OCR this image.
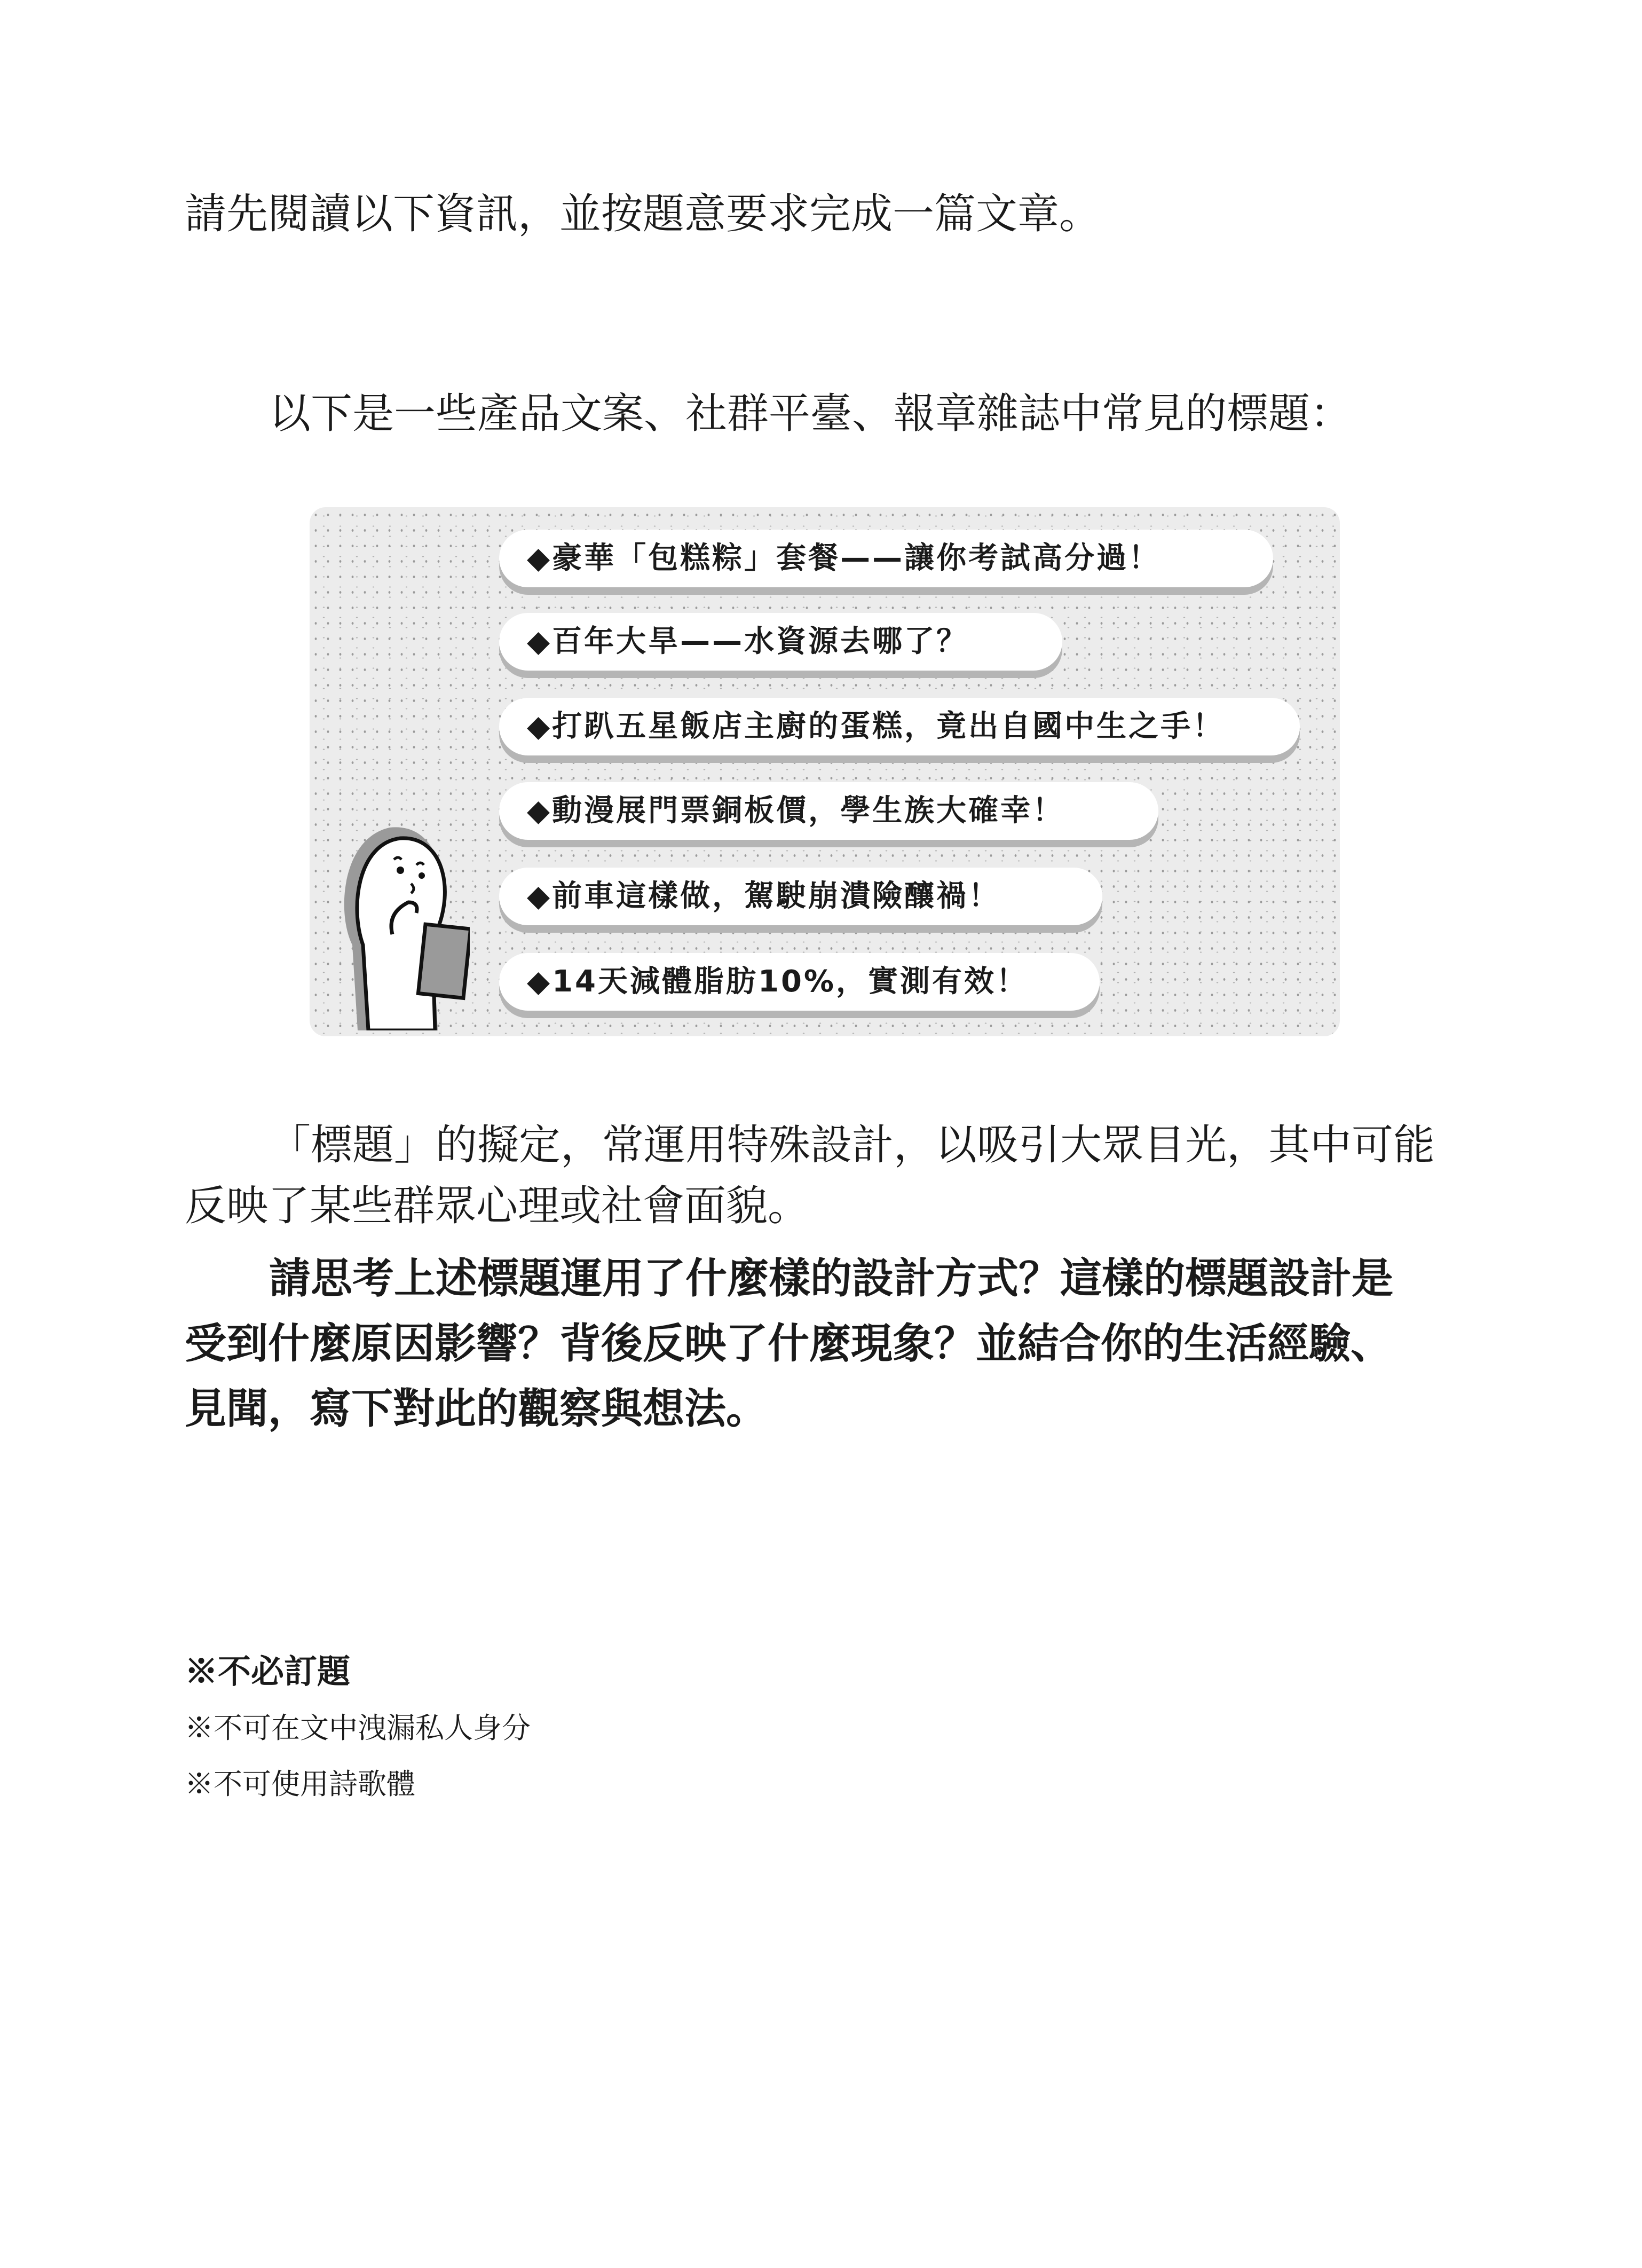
請先閱讀以下資訊，並按題意要求完成一篇文章。
以下是一些產品文案、社群平臺、報章雜誌中常見的標題：
◆豪華「包糕粽」套餐——讓你考試高分過！
◆百年大旱——水資源去哪了？
◆打趴五星飯店主廚的蛋糕，竟出自國中生之手！
◆動漫展門票銅板價，學生族大確幸！
◆前車這樣做，駕駛崩潰險釀禍！
◆14天減體脂肪10%，實測有效！
「標題」的擬定，常運用特殊設計，以吸引大眾目光，其中可能
反映了某些群眾心理或社會面貌。
請思考上述標題運用了什麼樣的設計方式？這樣的標題設計是
受到什麼原因影響？背後反映了什麼現象？並結合你的生活經驗、
見聞，寫下對此的觀察與想法。
※不必訂題
※不可在文中洩漏私人身分
※不可使用詩歌體
